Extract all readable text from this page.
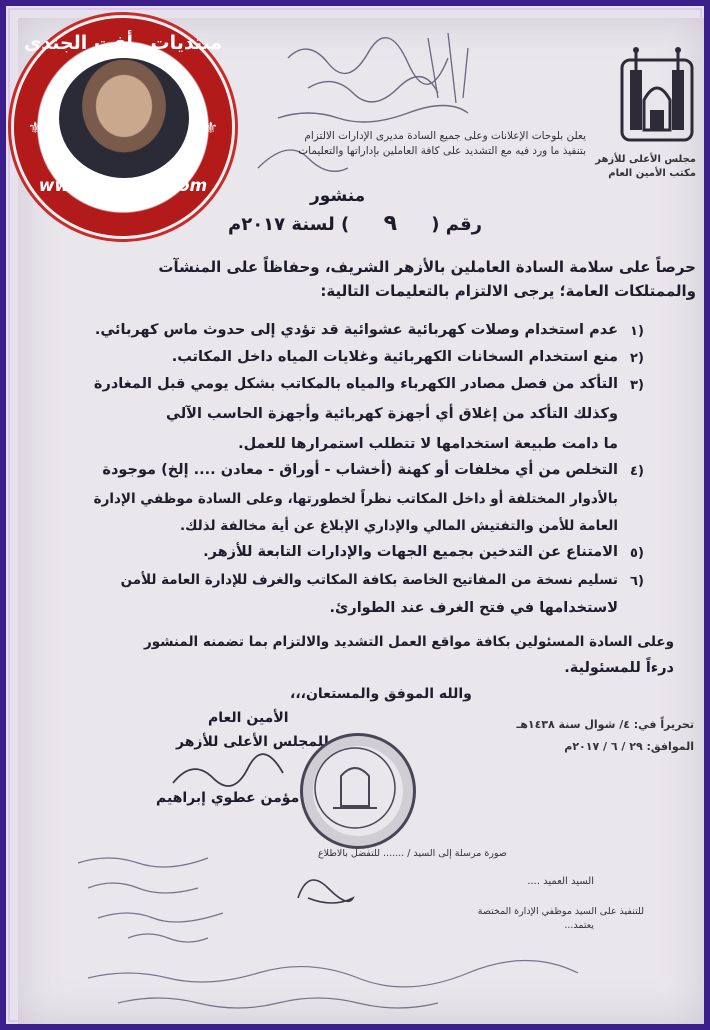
مجلس الأعلى للأزهر
مكتب الأمين العام
يعلن بلوحات الإعلانات وعلى جميع السادة مديرى الإدارات الالتزام
بتنفيذ ما ورد فيه مع التشديد على كافة العاملين بإداراتها والتعليمات
منشور
رقم ( ٩ ) لسنة ٢٠١٧م
حرصاً على سلامة السادة العاملين بالأزهر الشريف، وحفاظاً على المنشآت
والممتلكات العامة؛ يرجى الالتزام بالتعليمات التالية:
١)
عدم استخدام وصلات كهربائية عشوائية قد تؤدي إلى حدوث ماس كهربائي.
٢)
منع استخدام السخانات الكهربائية وغلايات المياه داخل المكاتب.
٣)
التأكد من فصل مصادر الكهرباء والمياه بالمكاتب بشكل يومي قبل المغادرة
وكذلك التأكد من إغلاق أي أجهزة كهربائية وأجهزة الحاسب الآلي
ما دامت طبيعة استخدامها لا تتطلب استمرارها للعمل.
٤)
التخلص من أي مخلفات أو كهنة (أخشاب - أوراق - معادن .... إلخ) موجودة
بالأدوار المختلفة أو داخل المكاتب نظراً لخطورتها، وعلى السادة موظفي الإدارة
العامة للأمن والتفتيش المالي والإداري الإبلاغ عن أية مخالفة لذلك.
٥)
الامتناع عن التدخين بجميع الجهات والإدارات التابعة للأزهر.
٦)
تسليم نسخة من المفاتيح الخاصة بكافة المكاتب والغرف للإدارة العامة للأمن
لاستخدامها في فتح الغرف عند الطوارئ.
وعلى السادة المسئولين بكافة مواقع العمل التشديد والالتزام بما تضمنه المنشور
درءاً للمسئولية.
والله الموفق والمستعان،،،
الأمين العام
للمجلس الأعلى للأزهر
مؤمن عطوي إبراهيم
تحريراً في: ٤/ شوال سنة ١٤٣٨هـ
الموافق: ٢٩ / ٦ / ٢٠١٧م
صورة مرسلة إلى السيد / ....... للتفضل بالاطلاع
السيد العميد ....
للتنفيذ على السيد موظفي الإدارة المختصة
يعتمد...
منتديات رأفت الجندى
⚜	⚜
www.raafat2.com
